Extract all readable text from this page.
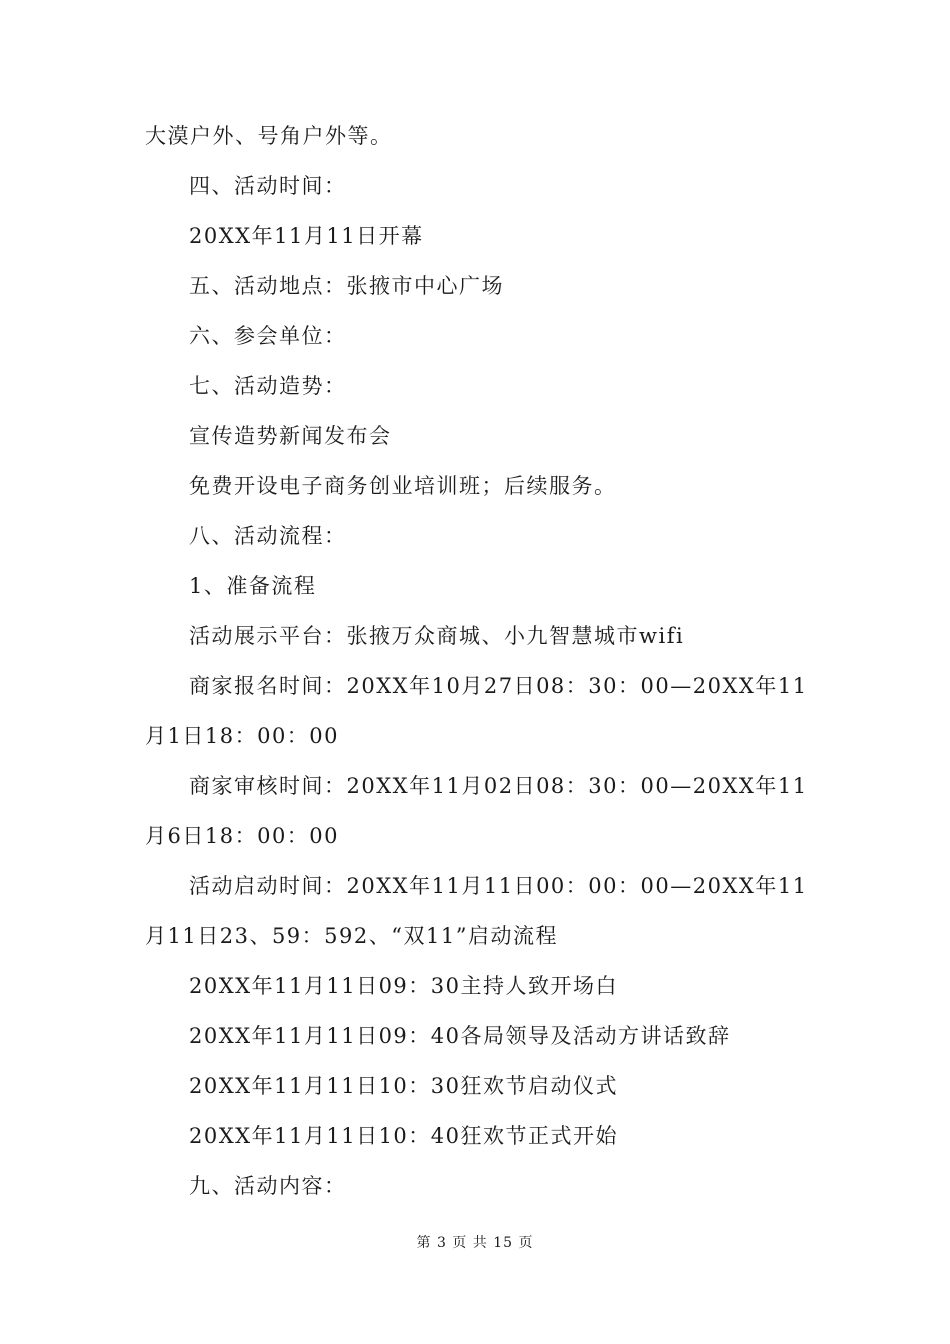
大漠户外、号角户外等。

四、活动时间：

20XX年11月11日开幕

五、活动地点：张掖市中心广场

六、参会单位：

七、活动造势：

宣传造势新闻发布会

免费开设电子商务创业培训班；后续服务。

八、活动流程：

1、准备流程

活动展示平台：张掖万众商城、小九智慧城市wifi

商家报名时间：20XX年10月27日08：30：00—20XX年11月1日18：00：00

商家审核时间：20XX年11月02日08：30：00—20XX年11月6日18：00：00

活动启动时间：20XX年11月11日00：00：00—20XX年11月11日23、59：592、“双11”启动流程

20XX年11月11日09：30主持人致开场白

20XX年11月11日09：40各局领导及活动方讲话致辞

20XX年11月11日10：30狂欢节启动仪式

20XX年11月11日10：40狂欢节正式开始

九、活动内容：

第 3 页 共 15 页
